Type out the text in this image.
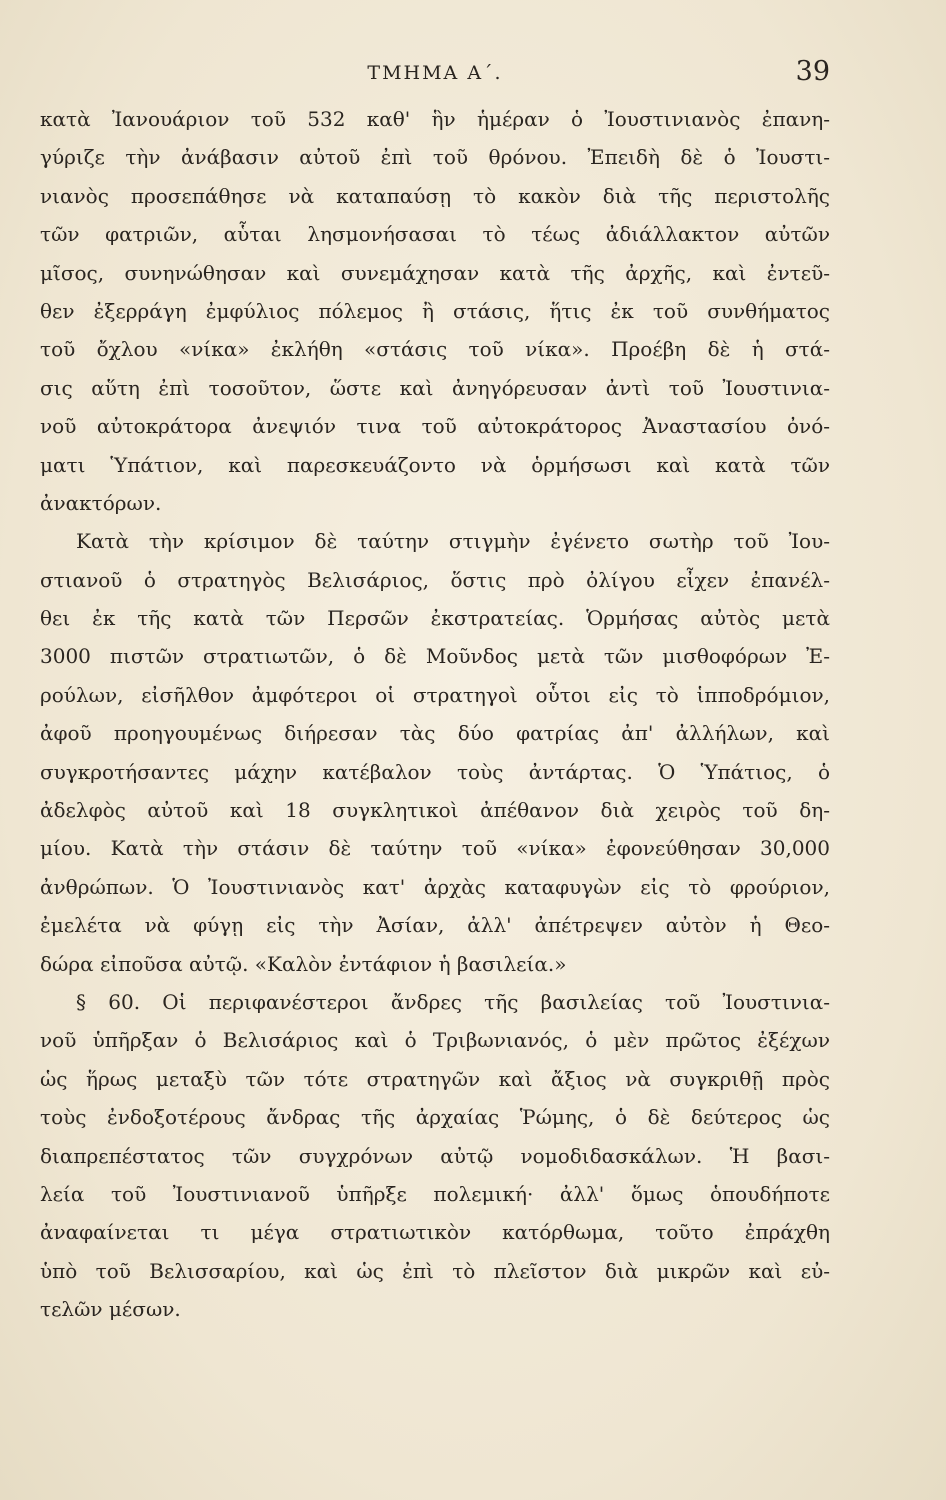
ΤΜΗΜΑ Α΄.	39
κατὰ Ἰανουάριον τοῦ 532 καθ' ἣν ἡμέραν ὁ Ἰουστινιανὸς ἐπανη-
γύριζε τὴν ἀνάβασιν αὐτοῦ ἐπὶ τοῦ θρόνου. Ἐπειδὴ δὲ ὁ Ἰουστι-
νιανὸς προσεπάθησε νὰ καταπαύσῃ τὸ κακὸν διὰ τῆς περιστολῆς
τῶν φατριῶν, αὗται λησμονήσασαι τὸ τέως ἀδιάλλακτον αὐτῶν
μῖσος, συνηνώθησαν καὶ συνεμάχησαν κατὰ τῆς ἀρχῆς, καὶ ἐντεῦ-
θεν ἐξερράγη ἐμφύλιος πόλεμος ἢ στάσις, ἥτις ἐκ τοῦ συνθήματος
τοῦ ὄχλου «νίκα» ἐκλήθη «στάσις τοῦ νίκα». Προέβη δὲ ἡ στά-
σις αὕτη ἐπὶ τοσοῦτον, ὥστε καὶ ἀνηγόρευσαν ἀντὶ τοῦ Ἰουστινια-
νοῦ αὐτοκράτορα ἀνεψιόν τινα τοῦ αὐτοκράτορος Ἀναστασίου ὀνό-
ματι Ὑπάτιον, καὶ παρεσκευάζοντο νὰ ὁρμήσωσι καὶ κατὰ τῶν
ἀνακτόρων.
Κατὰ τὴν κρίσιμον δὲ ταύτην στιγμὴν ἐγένετο σωτὴρ τοῦ Ἰου-
στιανοῦ ὁ στρατηγὸς Βελισάριος, ὅστις πρὸ ὀλίγου εἶχεν ἐπανέλ-
θει ἐκ τῆς κατὰ τῶν Περσῶν ἐκστρατείας. Ὁρμήσας αὐτὸς μετὰ
3000 πιστῶν στρατιωτῶν, ὁ δὲ Μοῦνδος μετὰ τῶν μισθοφόρων Ἐ-
ρούλων, εἰσῆλθον ἀμφότεροι οἱ στρατηγοὶ οὗτοι εἰς τὸ ἱπποδρόμιον,
ἀφοῦ προηγουμένως διήρεσαν τὰς δύο φατρίας ἀπ' ἀλλήλων, καὶ
συγκροτήσαντες μάχην κατέβαλον τοὺς ἀντάρτας. Ὁ Ὑπάτιος, ὁ
ἀδελφὸς αὐτοῦ καὶ 18 συγκλητικοὶ ἀπέθανον διὰ χειρὸς τοῦ δη-
μίου. Κατὰ τὴν στάσιν δὲ ταύτην τοῦ «νίκα» ἐφονεύθησαν 30,000
ἀνθρώπων. Ὁ Ἰουστινιανὸς κατ' ἀρχὰς καταφυγὼν εἰς τὸ φρούριον,
ἐμελέτα νὰ φύγῃ εἰς τὴν Ἀσίαν, ἀλλ' ἀπέτρεψεν αὐτὸν ἡ Θεο-
δώρα εἰποῦσα αὐτῷ. «Καλὸν ἐντάφιον ἡ βασιλεία.»
§ 60. Οἱ περιφανέστεροι ἄνδρες τῆς βασιλείας τοῦ Ἰουστινια-
νοῦ ὑπῆρξαν ὁ Βελισάριος καὶ ὁ Τριβωνιανός, ὁ μὲν πρῶτος ἐξέχων
ὡς ἥρως μεταξὺ τῶν τότε στρατηγῶν καὶ ἄξιος νὰ συγκριθῇ πρὸς
τοὺς ἐνδοξοτέρους ἄνδρας τῆς ἀρχαίας Ῥώμης, ὁ δὲ δεύτερος ὡς
διαπρεπέστατος τῶν συγχρόνων αὐτῷ νομοδιδασκάλων. Ἡ βασι-
λεία τοῦ Ἰουστινιανοῦ ὑπῆρξε πολεμική· ἀλλ' ὅμως ὁπουδήποτε
ἀναφαίνεται τι μέγα στρατιωτικὸν κατόρθωμα, τοῦτο ἐπράχθη
ὑπὸ τοῦ Βελισσαρίου, καὶ ὡς ἐπὶ τὸ πλεῖστον διὰ μικρῶν καὶ εὐ-
τελῶν μέσων.
